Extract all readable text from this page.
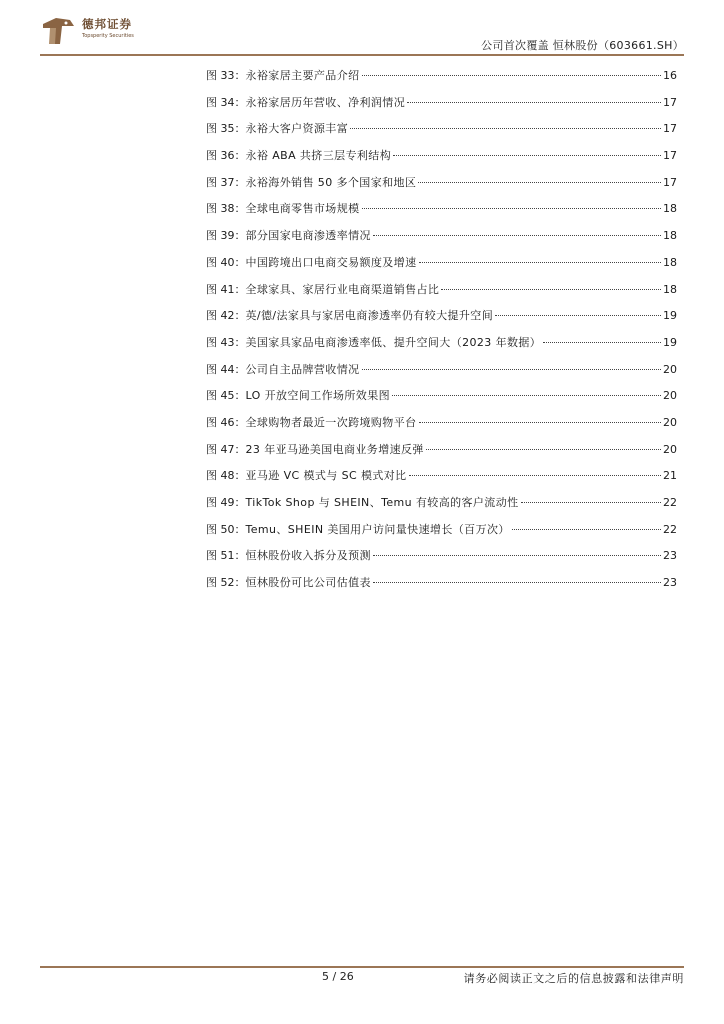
德邦证券
Topsperity Securities
公司首次覆盖 恒林股份（603661.SH）
图 33： 永裕家居主要产品介绍	16
图 34： 永裕家居历年营收、净利润情况	17
图 35： 永裕大客户资源丰富	17
图 36： 永裕 ABA 共挤三层专利结构	17
图 37： 永裕海外销售 50 多个国家和地区	17
图 38： 全球电商零售市场规模	18
图 39： 部分国家电商渗透率情况	18
图 40： 中国跨境出口电商交易额度及增速	18
图 41： 全球家具、家居行业电商渠道销售占比	18
图 42： 英/德/法家具与家居电商渗透率仍有较大提升空间	19
图 43： 美国家具家品电商渗透率低、提升空间大（2023 年数据）	19
图 44： 公司自主品牌营收情况	20
图 45： LO 开放空间工作场所效果图	20
图 46： 全球购物者最近一次跨境购物平台	20
图 47： 23 年亚马逊美国电商业务增速反弹	20
图 48： 亚马逊 VC 模式与 SC 模式对比	21
图 49： TikTok Shop 与 SHEIN、Temu 有较高的客户流动性	22
图 50： Temu、SHEIN 美国用户访问量快速增长（百万次）	22
图 51： 恒林股份收入拆分及预测	23
图 52： 恒林股份可比公司估值表	23
5 / 26	请务必阅读正文之后的信息披露和法律声明
